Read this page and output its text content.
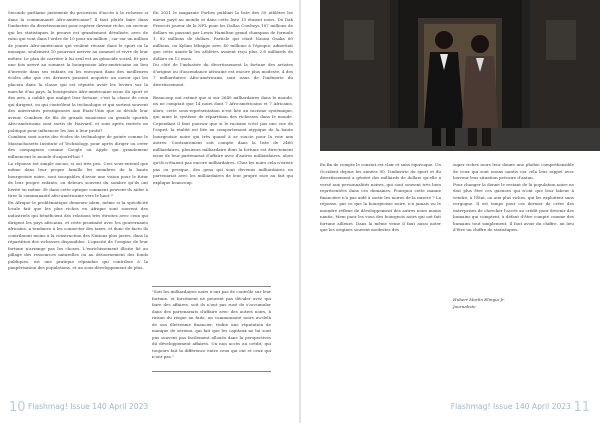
Secondo parliamo justement du processus d'accès à la richesse si dans la communauté Afro-américaine? Il faut plutôt faire dans l'industrie du divertissement pour espérer devenir riche, un secteur qui les statistiques le prouve est grandement dévalisée, avec de ratio qui vont dans l'ordre de 10 pour un million ; car sur un million de jeunes Afro-américains qui veulent réussir dans le sport ou la musique, seulement 10 pourront arriver au sommet et vivre de leur métier. Le plan de carrière à lui seul est un génocide social. Et pire une fois arrivé au sommet la bourgeoisie Afro-américaine au lieu d'investir dans ses enfants en les envoyant dans des meilleures écoles afin que ces derniers pussent acquérir un savoir qui les placera dans la classe qui est réputée avoir les leviers sur la marche d'un pays, la bourgeoisie Afro-américaine issue du sport et des arts, a oublié que malgré leur fortune, c'est la classe de ceux qui dirigent, ou qui contrôlent la technologie et qui sortent souvent des universités prestigieuses aux États-Unis que se décide leur avenir. Combien de fils de grands musiciens ou grands sportifs Afro-américains sont sortis de Harvard, et sont après rentrés en politique pour influencer les lois à leur profit?

Combien sont sortis des écoles de technologie de pointe comme le Massachusetts Institute of Technology, pour après diriger ou créer des compagnies comme Google ou Apple qui grandement influencent le monde d'aujourd'hui ?

La réponse est simple aucun, si oui très peu. Ceci sous-entend que même dans leur propre famille les membres de la haute bourgeoisie noire, sont incapables d'avoir une vision pour le futur de leur propre enfants, ou deleurs souvent du sombre qu'ils ont hérité en même. Et dans cette optique comment peuvent-ils aider à tirer la communauté afro-américaine vers le haut ?

En Afrique le problématique demeure idem, même si la spécificité locale fait que les plus riches en Afrique sont souvent des industriels qui bénéficient des relations très étroites avec ceux qui dirigent les pays africains, et cette proximité avec les gouvernants africains, a tendance à les connecter des taxes, et donc de facto ils contribuent moins à la construction des Nations plus justes, dans la répartition des richesses disponibles. L'opacité de l'origine de leur fortune n'arrange pas les choses. L'enrichissement illicite lié au pillage des ressources naturelles ou au détournement des fonds publiques, est une pratique répandue qui contribue à la paupérisation des populations, et un sous-développement de plus.

En 2021 le magazine Forbes publiait la liste des 50 athlètes les mieux payé au monde et dans cette liste 13 étaient noirs. De Dak Prescott joueur de la NFL pour les Dallas Cowboys 107 millions de dollars en passant par Lewis Hamilton grand champion de formule 1, 82 millions de dollars. Particle qui citait Naomi Osaka 60 millions, ou Kylian Mbappe avec 40 millions à l'époque, admettait que cette année-là les athlètes avaient reçu plus 2.8 milliards de dollars en 12 mois.

Du côté de l'industrie du divertissement la fortune des artistes d'origine ou d'ascendance africaine est encore plus modeste, 4 des 7 milliardaires Afro-américains sont issus de l'industrie du divertissement.

Beaucoup ont estimé que si sur 2640 milliardaires dans le monde, on ne comptait que 14 noirs dont 7 Afro-américains et 7 Africains, alors, cette sous-représentation n'est liée au racisme systémique, qui mine le système de répartition des richesses dans le monde. Cependant il faut pouvoir que si le racisme n'est pas une vue de l'esprit, la réalité est liée au comportement atypique de la haute bourgeoisie noire qui très quand à se soucie pour la voie aux autres. Contrairement soit compte dans la liste de 2460 milliardaires, plusieurs milliardaire dont la fortune est directement issue de leur partenariat d'affaire avec d'autres milliardaires, alors qu'ils n'étaient pas encore milliardaires. Chez les noirs cela n'existe pas ou presque, des gens qui sont devenus milliardaires en partenariat avec les milliardaires de leur propre race au fait qui explique beaucoup.

"Soit les milliardaires noirs n'ont pas de contrôle sur leur fortune, et forcément ne peuvent pas décider avec qui faire des affaires, soit ils n'ont pas rusé de s'accumuler dans des partenariats d'affaire avec des autres noirs, à raison du risque au faits, un communauté noire au-delà de son illettrisme financier, traîne une réputation de manque de sérieux, qui fait que les capitaux ne lui sont pas souvent pas facilement alloués dans la perspectives du développement affaires. Un non accès au crédit, qui toujours fait la différence entre ceux qui ont et ceux qui n'ont pas."
10 Flashmag! Issue 140 April 2023

En fin de compte le constat est clair et sans équivoque. Un Occident depuis les années 90, l'industrie du sport et du divertissement a généré des milliards de dollars qu'elle a versé aux personnalités noires, qui sont souvent très bien représentées dans ces domaines. Pourquoi cette manne financière n'a pas aidé à sortir les noires de la misère ? La réponse, par ce que la bourgeoisie noire, n'a jamais eu le moindre réflexe de développement des autres noirs moins nantis. Mem pour les vous des bourgeois noirs qui ont fait fortune ailleurs. Dans la même veine il faut aussi noter que les origines souvent modestes des

super riches noirs leur donne une phobie compréhensible de ceux qui sont moins nantis car cela leur rappel avec horreur leur situation précaire d'antan.

Pour changer la donne le restant de la population noire ne doit plus être ces gueuses qui n'ont que leur labeur à vendre, à l'État, ou aux plus riches, qui les exploitent sans vergogne. Il est temps pour ces dernier de créer des entreprises de chercher l'accès au crédit pour devenir des humains qui comptent, à défaut d'être compté comme des humains tout simplement. Il faut avoir du chiffre, au lieu d'être un chiffre de statistiques.

Hubert Marlin Elingui Jr.
Journaliste
Flashmag! Issue 140 April 2023 11
